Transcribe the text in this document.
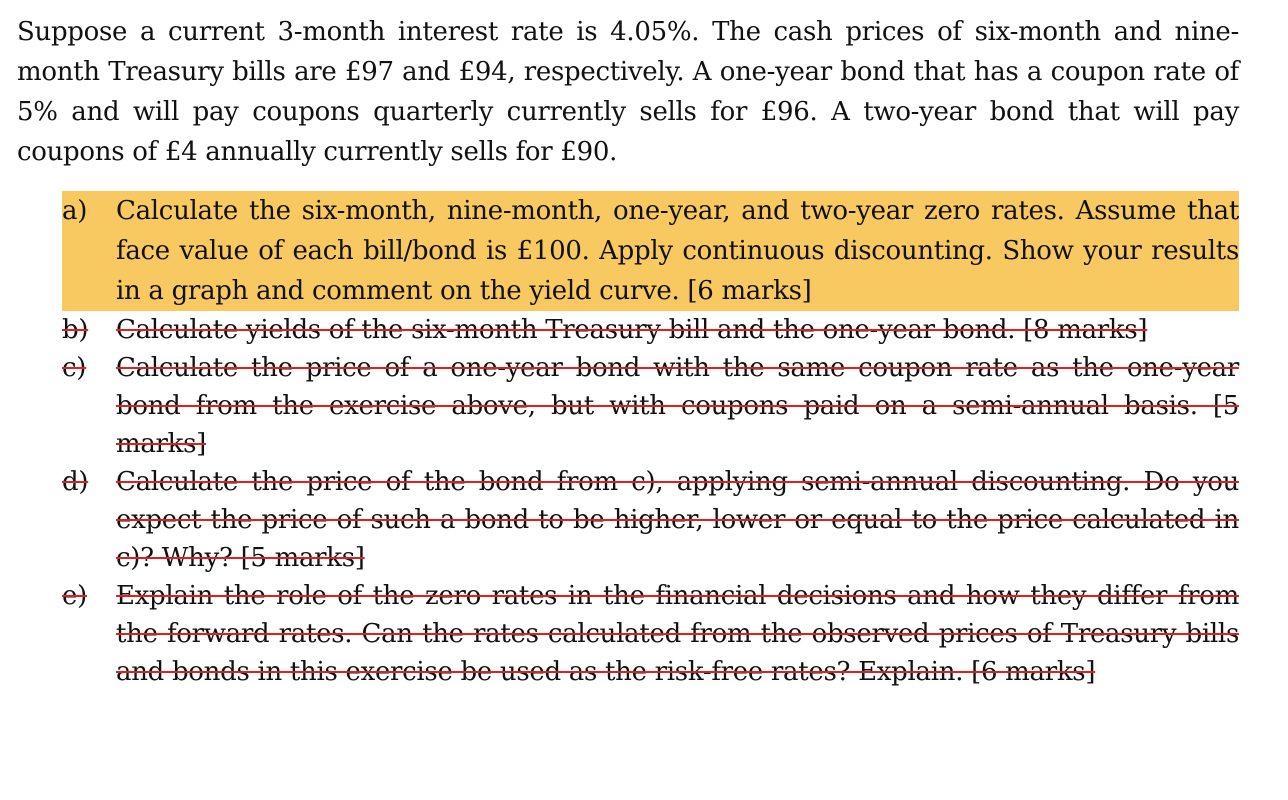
Suppose a current 3-month interest rate is 4.05%. The cash prices of six-month and nine-month Treasury bills are £97 and £94, respectively. A one-year bond that has a coupon rate of 5% and will pay coupons quarterly currently sells for £96. A two-year bond that will pay coupons of £4 annually currently sells for £90.

a)	Calculate the six-month, nine-month, one-year, and two-year zero rates. Assume that face value of each bill/bond is £100. Apply continuous discounting. Show your results in a graph and comment on the yield curve. [6 marks]
b)	Calculate yields of the six-month Treasury bill and the one-year bond. [8 marks]
c)	Calculate the price of a one-year bond with the same coupon rate as the one-year bond from the exercise above, but with coupons paid on a semi-annual basis. [5 marks]
d)	Calculate the price of the bond from c), applying semi-annual discounting. Do you expect the price of such a bond to be higher, lower or equal to the price calculated in c)? Why? [5 marks]
e)	Explain the role of the zero rates in the financial decisions and how they differ from the forward rates. Can the rates calculated from the observed prices of Treasury bills and bonds in this exercise be used as the risk-free rates? Explain. [6 marks]
